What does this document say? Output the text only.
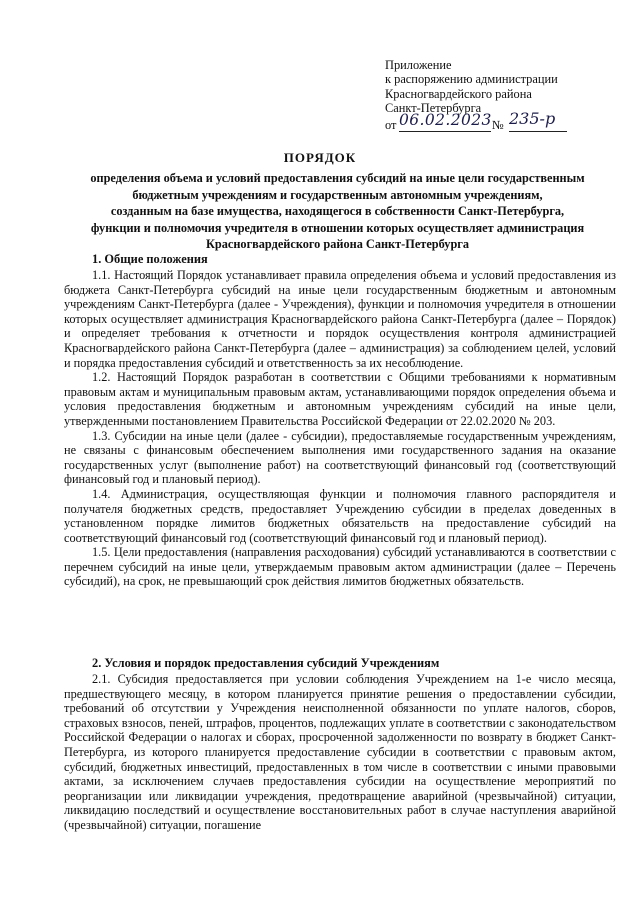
Приложение
к распоряжению администрации
Красногвардейского района
Санкт-Петербурга
от 06.02.2023 № 235-р
ПОРЯДОК
определения объема и условий предоставления субсидий на иные цели государственным
бюджетным учреждениям и государственным автономным учреждениям,
созданным на базе имущества, находящегося в собственности Санкт-Петербурга,
функции и полномочия учредителя в отношении которых осуществляет администрация
Красногвардейского района Санкт-Петербурга
1. Общие положения

1.1. Настоящий Порядок устанавливает правила определения объема и условий предоставления из бюджета Санкт-Петербурга субсидий на иные цели государственным бюджетным и автономным учреждениям Санкт-Петербурга (далее - Учреждения), функции и полномочия учредителя в отношении которых осуществляет администрация Красногвардейского района Санкт-Петербурга (далее – Порядок) и определяет требования к отчетности и порядок осуществления контроля администрацией Красногвардейского района Санкт-Петербурга (далее – администрация) за соблюдением целей, условий и порядка предоставления субсидий и ответственность за их несоблюдение.

1.2. Настоящий Порядок разработан в соответствии с Общими требованиями к нормативным правовым актам и муниципальным правовым актам, устанавливающими порядок определения объема и условия предоставления бюджетным и автономным учреждениям субсидий на иные цели, утвержденными постановлением Правительства Российской Федерации от 22.02.2020 № 203.

1.3. Субсидии на иные цели (далее - субсидии), предоставляемые государственным учреждениям, не связаны с финансовым обеспечением выполнения ими государственного задания на оказание государственных услуг (выполнение работ) на соответствующий финансовый год (соответствующий финансовый год и плановый период).

1.4. Администрация, осуществляющая функции и полномочия главного распорядителя и получателя бюджетных средств, предоставляет Учреждению субсидии в пределах доведенных в установленном порядке лимитов бюджетных обязательств на предоставление субсидий на соответствующий финансовый год (соответствующий финансовый год и плановый период).

1.5. Цели предоставления (направления расходования) субсидий устанавливаются в соответствии с перечнем субсидий на иные цели, утверждаемым правовым актом администрации (далее – Перечень субсидий), на срок, не превышающий срок действия лимитов бюджетных обязательств.

2. Условия и порядок предоставления субсидий Учреждениям

2.1. Субсидия предоставляется при условии соблюдения Учреждением на 1-е число месяца, предшествующего месяцу, в котором планируется принятие решения о предоставлении субсидии, требований об отсутствии у Учреждения неисполненной обязанности по уплате налогов, сборов, страховых взносов, пеней, штрафов, процентов, подлежащих уплате в соответствии с законодательством Российской Федерации о налогах и сборах, просроченной задолженности по возврату в бюджет Санкт-Петербурга, из которого планируется предоставление субсидии в соответствии с правовым актом, субсидий, бюджетных инвестиций, предоставленных в том числе в соответствии с иными правовыми актами, за исключением случаев предоставления субсидии на осуществление мероприятий по реорганизации или ликвидации учреждения, предотвращение аварийной (чрезвычайной) ситуации, ликвидацию последствий и осуществление восстановительных работ в случае наступления аварийной (чрезвычайной) ситуации, погашение
